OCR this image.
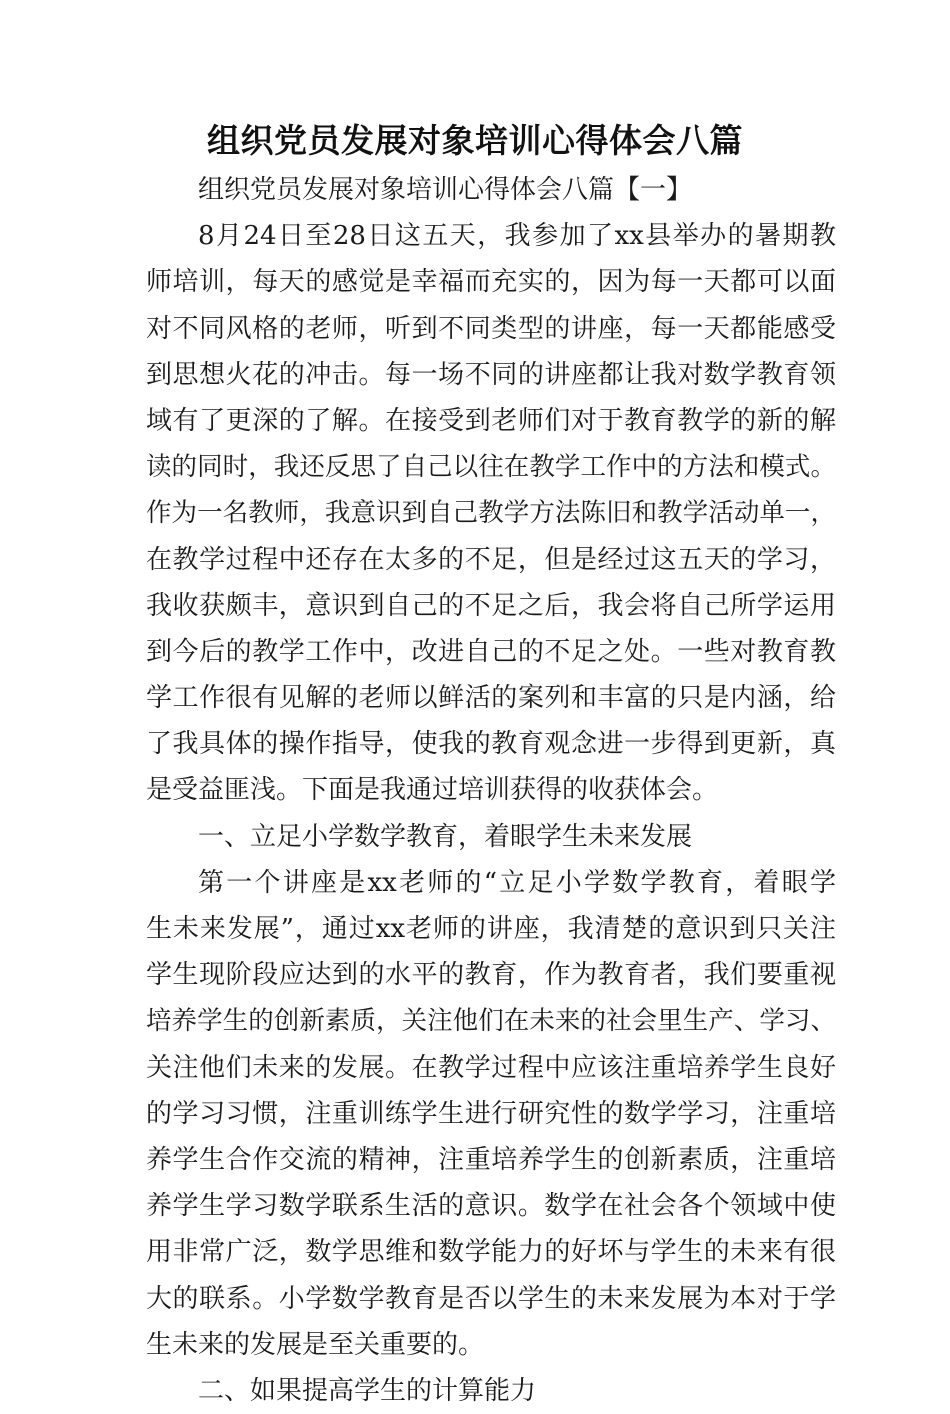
组织党员发展对象培训心得体会八篇
组织党员发展对象培训心得体会八篇【一】
8月24日至28日这五天，我参加了xx县举办的暑期教
师培训，每天的感觉是幸福而充实的，因为每一天都可以面
对不同风格的老师，听到不同类型的讲座，每一天都能感受
到思想火花的冲击。每一场不同的讲座都让我对数学教育领
域有了更深的了解。在接受到老师们对于教育教学的新的解
读的同时，我还反思了自己以往在教学工作中的方法和模式。
作为一名教师，我意识到自己教学方法陈旧和教学活动单一，
在教学过程中还存在太多的不足，但是经过这五天的学习，
我收获颇丰，意识到自己的不足之后，我会将自己所学运用
到今后的教学工作中，改进自己的不足之处。一些对教育教
学工作很有见解的老师以鲜活的案列和丰富的只是内涵，给
了我具体的操作指导，使我的教育观念进一步得到更新，真
是受益匪浅。下面是我通过培训获得的收获体会。
一、立足小学数学教育，着眼学生未来发展
第一个讲座是xx老师的“立足小学数学教育，着眼学
生未来发展”，通过xx老师的讲座，我清楚的意识到只关注
学生现阶段应达到的水平的教育，作为教育者，我们要重视
培养学生的创新素质，关注他们在未来的社会里生产、学习、
关注他们未来的发展。在教学过程中应该注重培养学生良好
的学习习惯，注重训练学生进行研究性的数学学习，注重培
养学生合作交流的精神，注重培养学生的创新素质，注重培
养学生学习数学联系生活的意识。数学在社会各个领域中使
用非常广泛，数学思维和数学能力的好坏与学生的未来有很
大的联系。小学数学教育是否以学生的未来发展为本对于学
生未来的发展是至关重要的。
二、如果提高学生的计算能力
